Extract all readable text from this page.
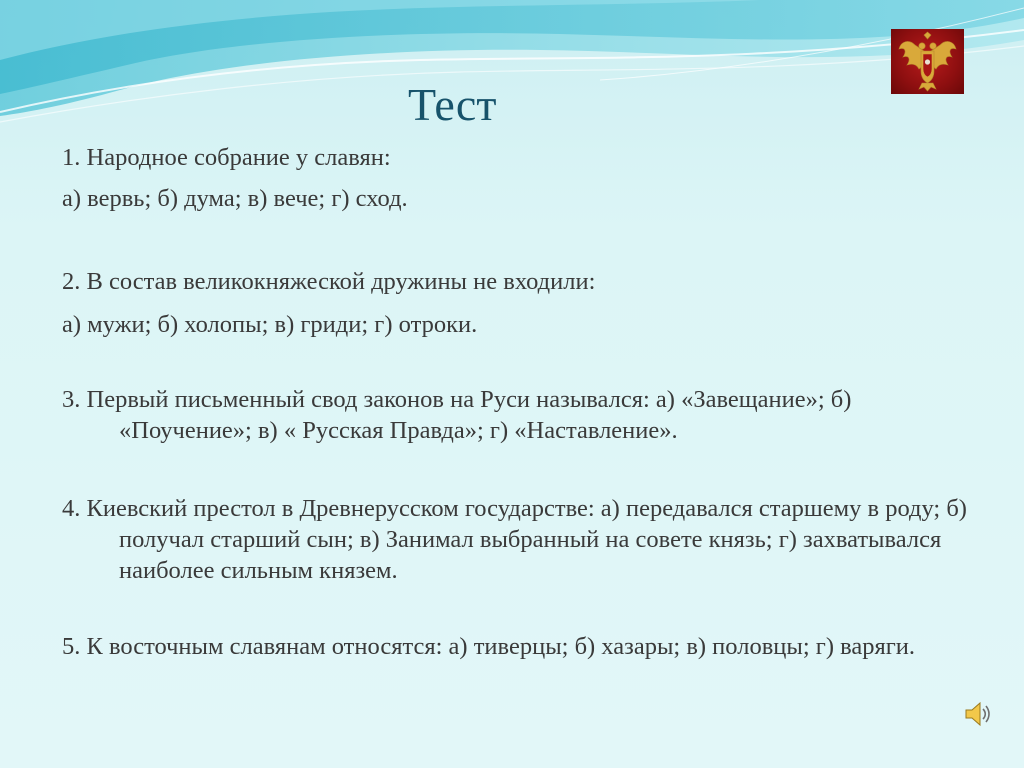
Тест

1. Народное собрание у славян:

а) вервь; б) дума; в) вече; г) сход.

2. В состав великокняжеской дружины не входили:

а) мужи; б) холопы; в) гриди; г) отроки.

3. Первый письменный свод законов на Руси назывался: а) «Завещание»; б) «Поучение»; в) « Русская Правда»; г) «Наставление».

4. Киевский престол в Древнерусском государстве: а) передавался старшему в роду; б) получал старший сын; в) Занимал выбранный на совете князь; г) захватывался наиболее сильным князем.

5. К восточным славянам относятся: а) тиверцы; б) хазары; в) половцы; г) варяги.
